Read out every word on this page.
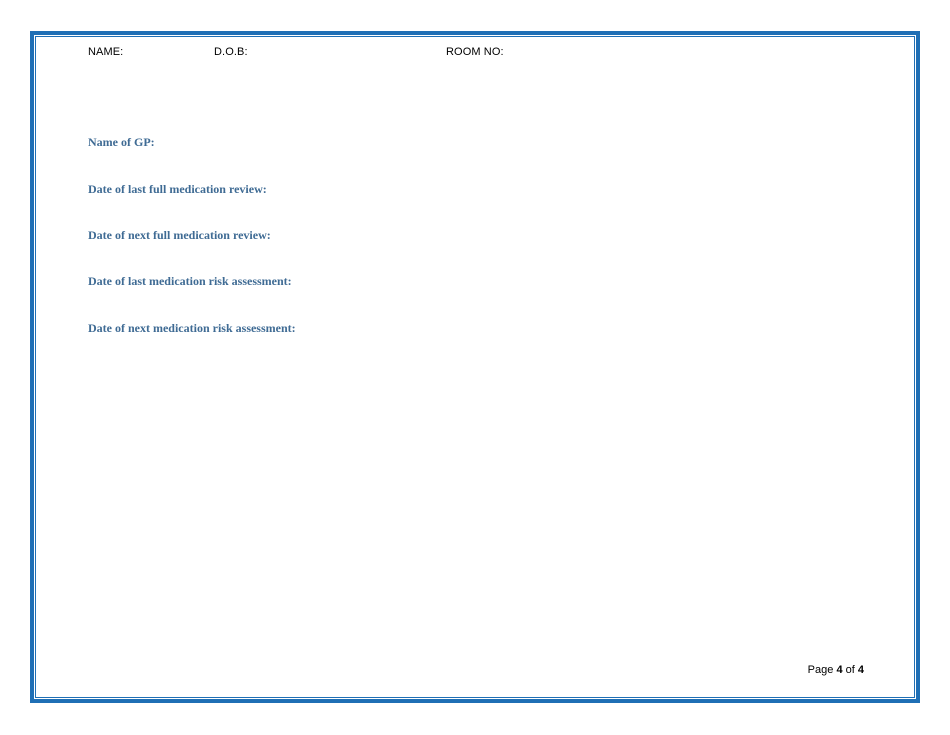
NAME:	D.O.B:	ROOM NO:
Name of GP:
Date of last full medication review:
Date of next full medication review:
Date of last medication risk assessment:
Date of next medication risk assessment:
Page 4 of 4
